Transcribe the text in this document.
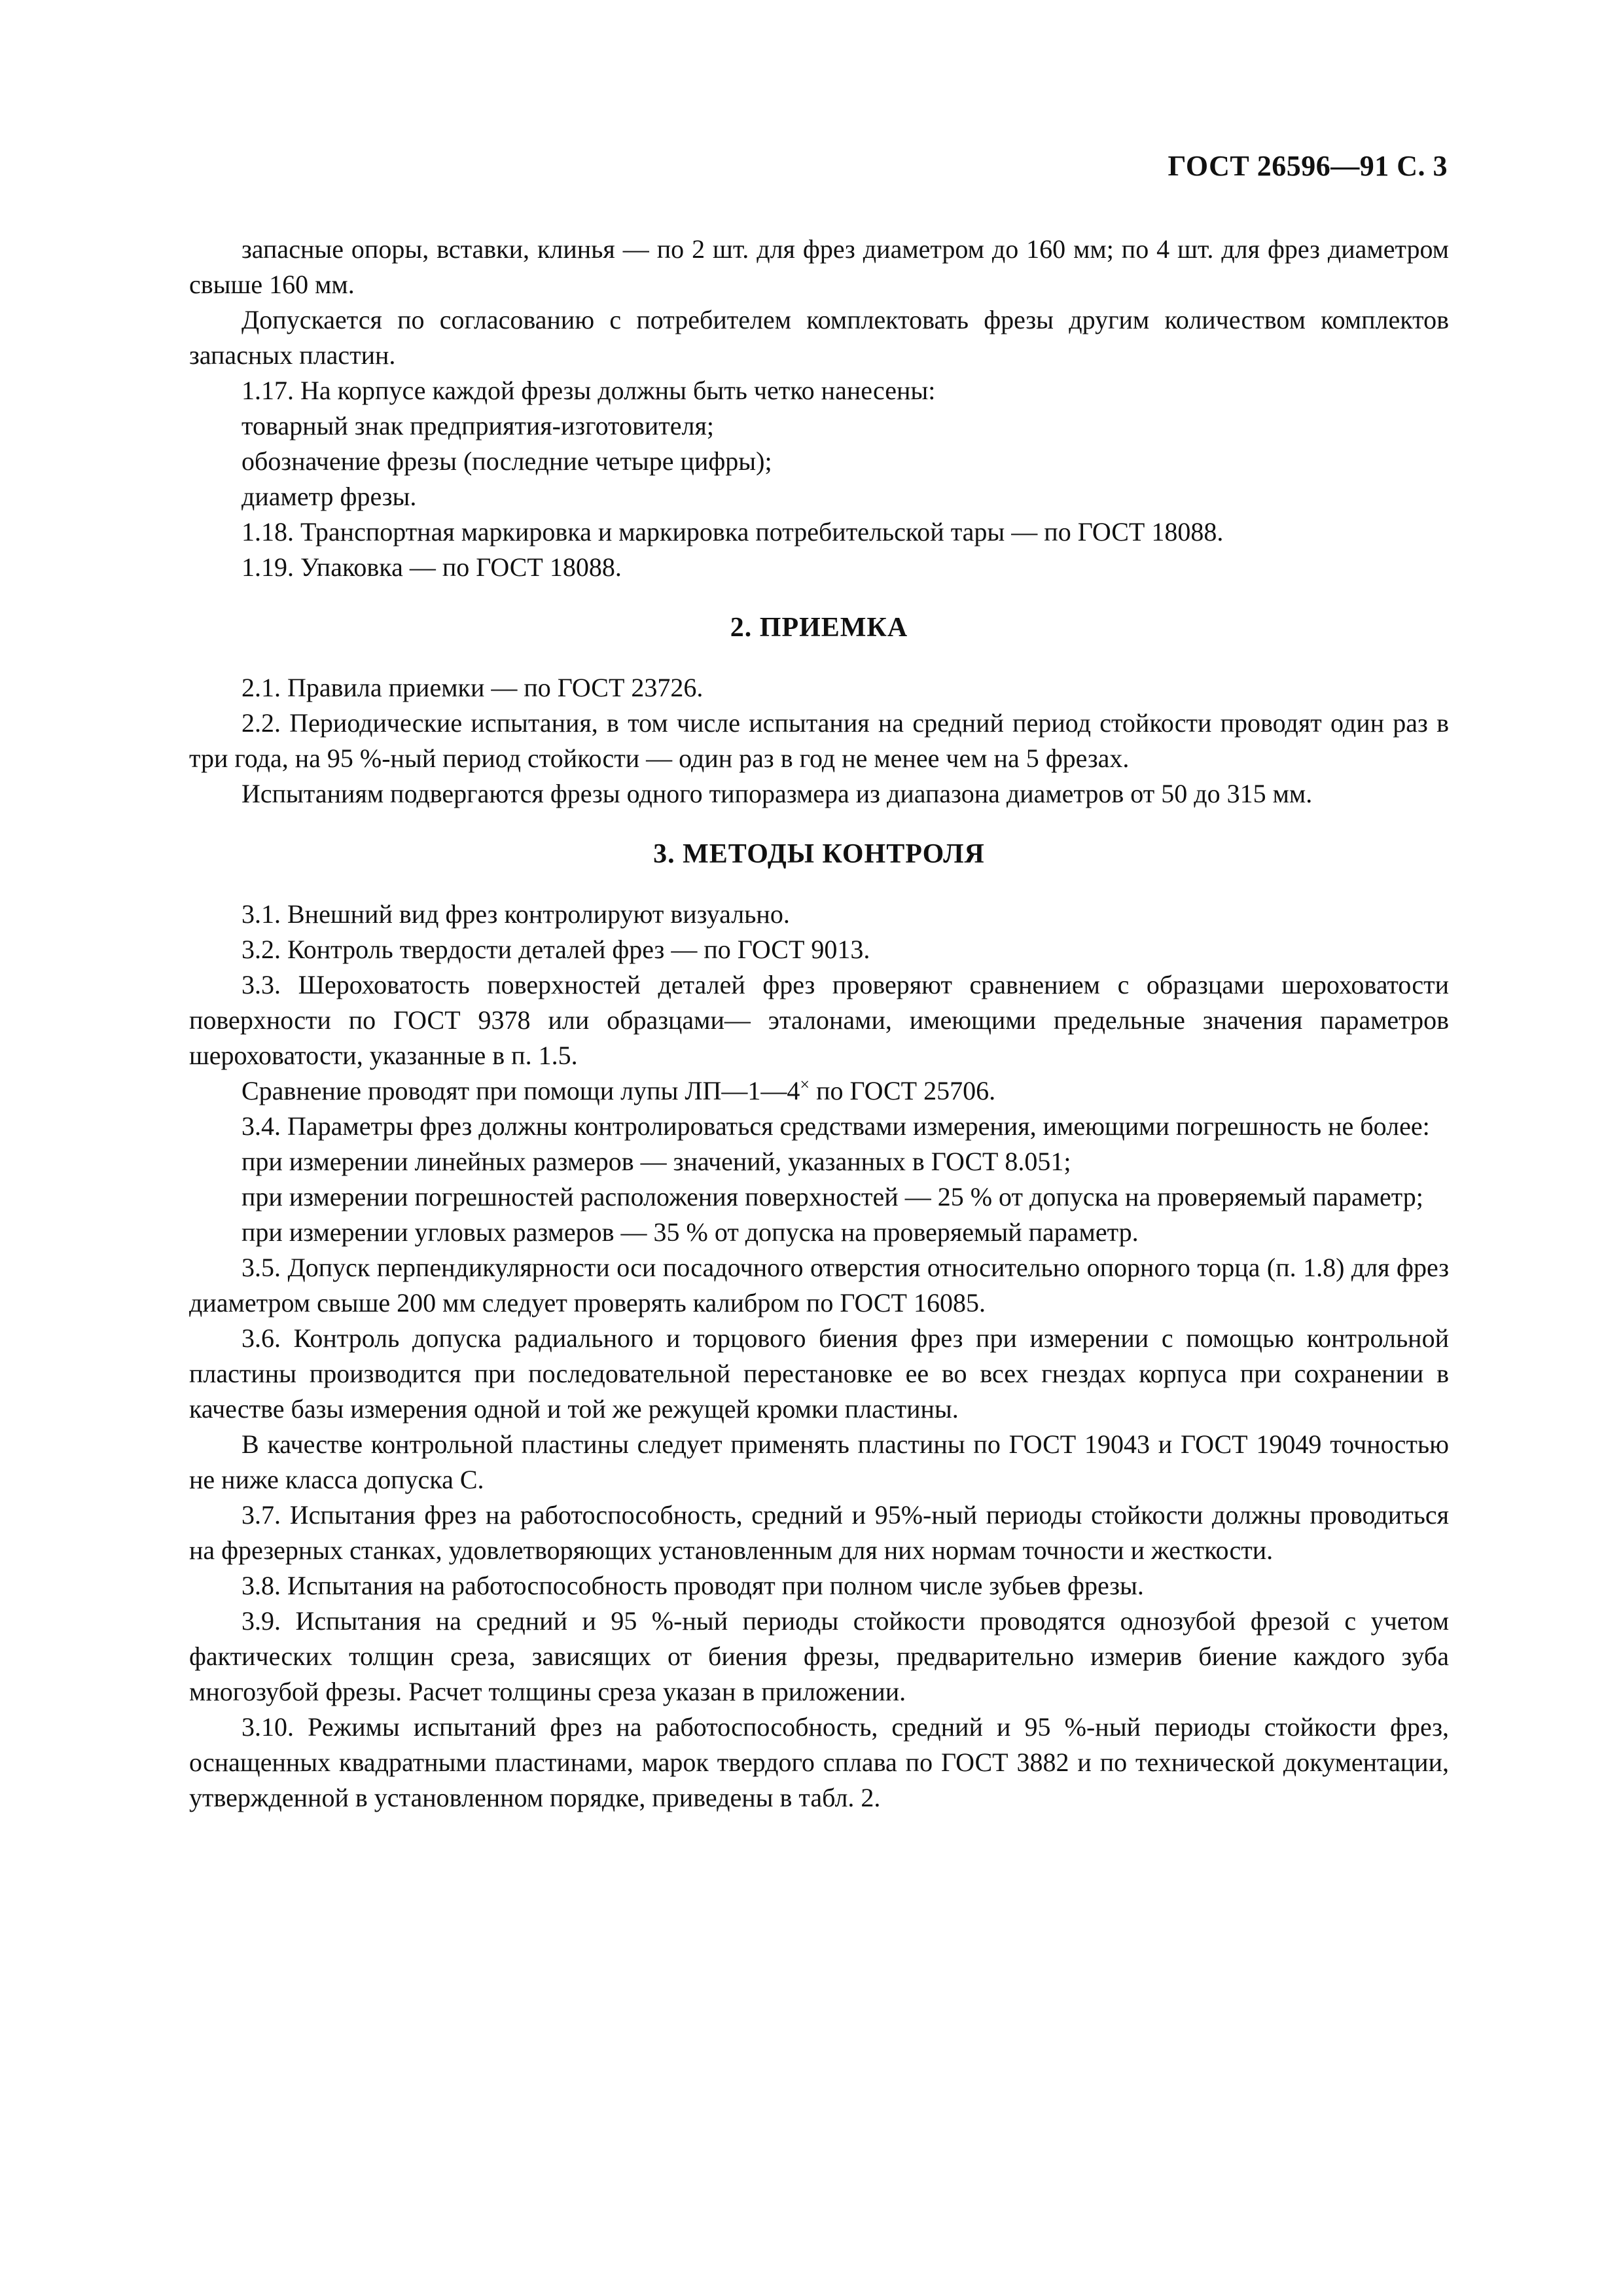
ГОСТ 26596—91 С. 3

запасные опоры, вставки, клинья — по 2 шт. для фрез диаметром до 160 мм; по 4 шт. для фрез диаметром свыше 160 мм.

Допускается по согласованию с потребителем комплектовать фрезы другим количеством комплектов запасных пластин.

1.17. На корпусе каждой фрезы должны быть четко нанесены:

товарный знак предприятия-изготовителя;

обозначение фрезы (последние четыре цифры);

диаметр фрезы.

1.18. Транспортная маркировка и маркировка потребительской тары — по ГОСТ 18088.

1.19. Упаковка — по ГОСТ 18088.

2. ПРИЕМКА

2.1. Правила приемки — по ГОСТ 23726.

2.2. Периодические испытания, в том числе испытания на средний период стойкости проводят один раз в три года, на 95 %-ный период стойкости — один раз в год не менее чем на 5 фрезах.

Испытаниям подвергаются фрезы одного типоразмера из диапазона диаметров от 50 до 315 мм.

3. МЕТОДЫ КОНТРОЛЯ

3.1. Внешний вид фрез контролируют визуально.

3.2. Контроль твердости деталей фрез — по ГОСТ 9013.

3.3. Шероховатость поверхностей деталей фрез проверяют сравнением с образцами шероховатости поверхности по ГОСТ 9378 или образцами— эталонами, имеющими предельные значения параметров шероховатости, указанные в п. 1.5.

Сравнение проводят при помощи лупы ЛП—1—4× по ГОСТ 25706.

3.4. Параметры фрез должны контролироваться средствами измерения, имеющими погрешность не более:

при измерении линейных размеров — значений, указанных в ГОСТ 8.051;

при измерении погрешностей расположения поверхностей — 25 % от допуска на проверяемый параметр;

при измерении угловых размеров — 35 % от допуска на проверяемый параметр.

3.5. Допуск перпендикулярности оси посадочного отверстия относительно опорного торца (п. 1.8) для фрез диаметром свыше 200 мм следует проверять калибром по ГОСТ 16085.

3.6. Контроль допуска радиального и торцового биения фрез при измерении с помощью контрольной пластины производится при последовательной перестановке ее во всех гнездах корпуса при сохранении в качестве базы измерения одной и той же режущей кромки пластины.

В качестве контрольной пластины следует применять пластины по ГОСТ 19043 и ГОСТ 19049 точностью не ниже класса допуска С.

3.7. Испытания фрез на работоспособность, средний и 95%-ный периоды стойкости должны проводиться на фрезерных станках, удовлетворяющих установленным для них нормам точности и жесткости.

3.8. Испытания на работоспособность проводят при полном числе зубьев фрезы.

3.9. Испытания на средний и 95 %-ный периоды стойкости проводятся однозубой фрезой с учетом фактических толщин среза, зависящих от биения фрезы, предварительно измерив биение каждого зуба многозубой фрезы. Расчет толщины среза указан в приложении.

3.10. Режимы испытаний фрез на работоспособность, средний и 95 %-ный периоды стойкости фрез, оснащенных квадратными пластинами, марок твердого сплава по ГОСТ 3882 и по технической документации, утвержденной в установленном порядке, приведены в табл. 2.
